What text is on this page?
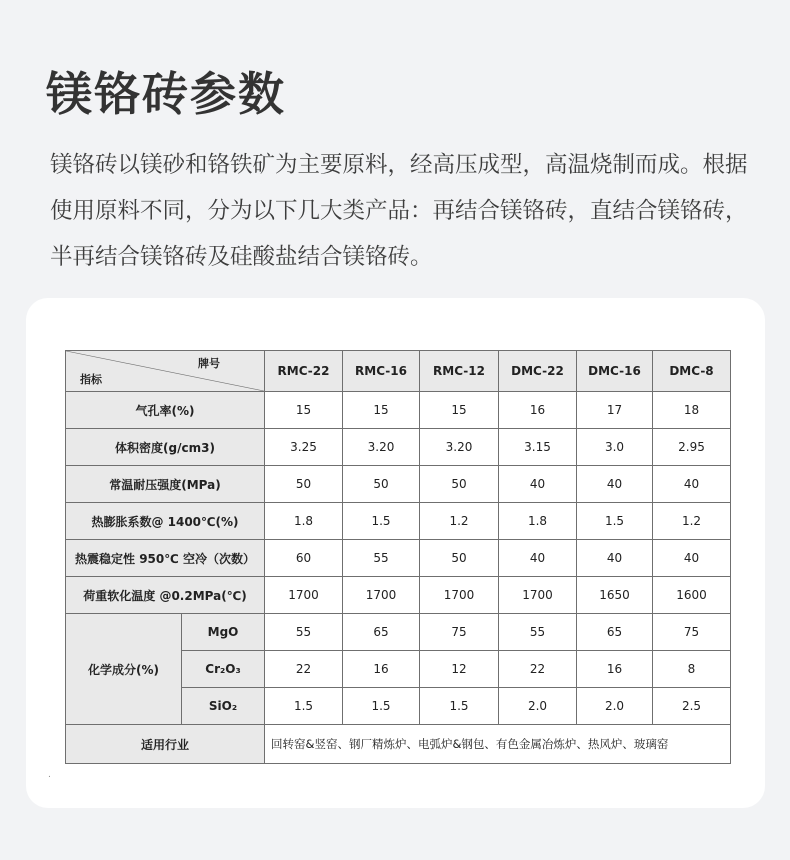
镁铬砖参数

镁铬砖以镁砂和铬铁矿为主要原料，经高压成型，高温烧制而成。根据使用原料不同，分为以下几大类产品：再结合镁铬砖，直结合镁铬砖，半再结合镁铬砖及硅酸盐结合镁铬砖。

牌号
指标		RMC-22	RMC-16	RMC-12	DMC-22	DMC-16	DMC-8
气孔率(%)		15	15	15	16	17	18
体积密度(g/cm3)		3.25	3.20	3.20	3.15	3.0	2.95
常温耐压强度(MPa)		50	50	50	40	40	40
热膨胀系数@ 1400℃(%)		1.8	1.5	1.2	1.8	1.5	1.2
热震稳定性 950℃ 空冷（次数）		60	55	50	40	40	40
荷重软化温度 @0.2MPa(℃)		1700	1700	1700	1700	1650	1600
化学成分(%)	MgO	55	65	75	55	65	75
	Cr₂O₃	22	16	12	22	16	8
	SiO₂	1.5	1.5	1.5	2.0	2.0	2.5
适用行业		回转窑&竖窑、钢厂精炼炉、电弧炉&钢包、有色金属冶炼炉、热风炉、玻璃窑					
.
